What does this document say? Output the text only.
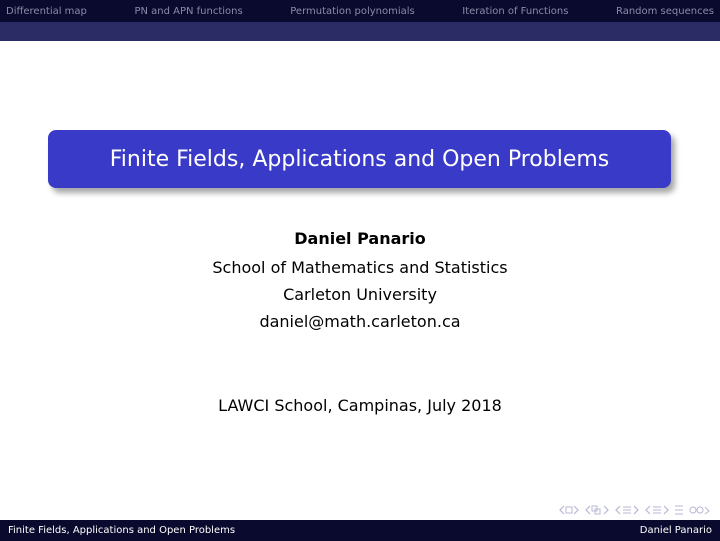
Differential map	PN and APN functions	Permutation polynomials	Iteration of Functions	Random sequences
Finite Fields, Applications and Open Problems
Daniel Panario
School of Mathematics and Statistics
Carleton University
daniel@math.carleton.ca
LAWCI School, Campinas, July 2018
Finite Fields, Applications and Open Problems	Daniel Panario
